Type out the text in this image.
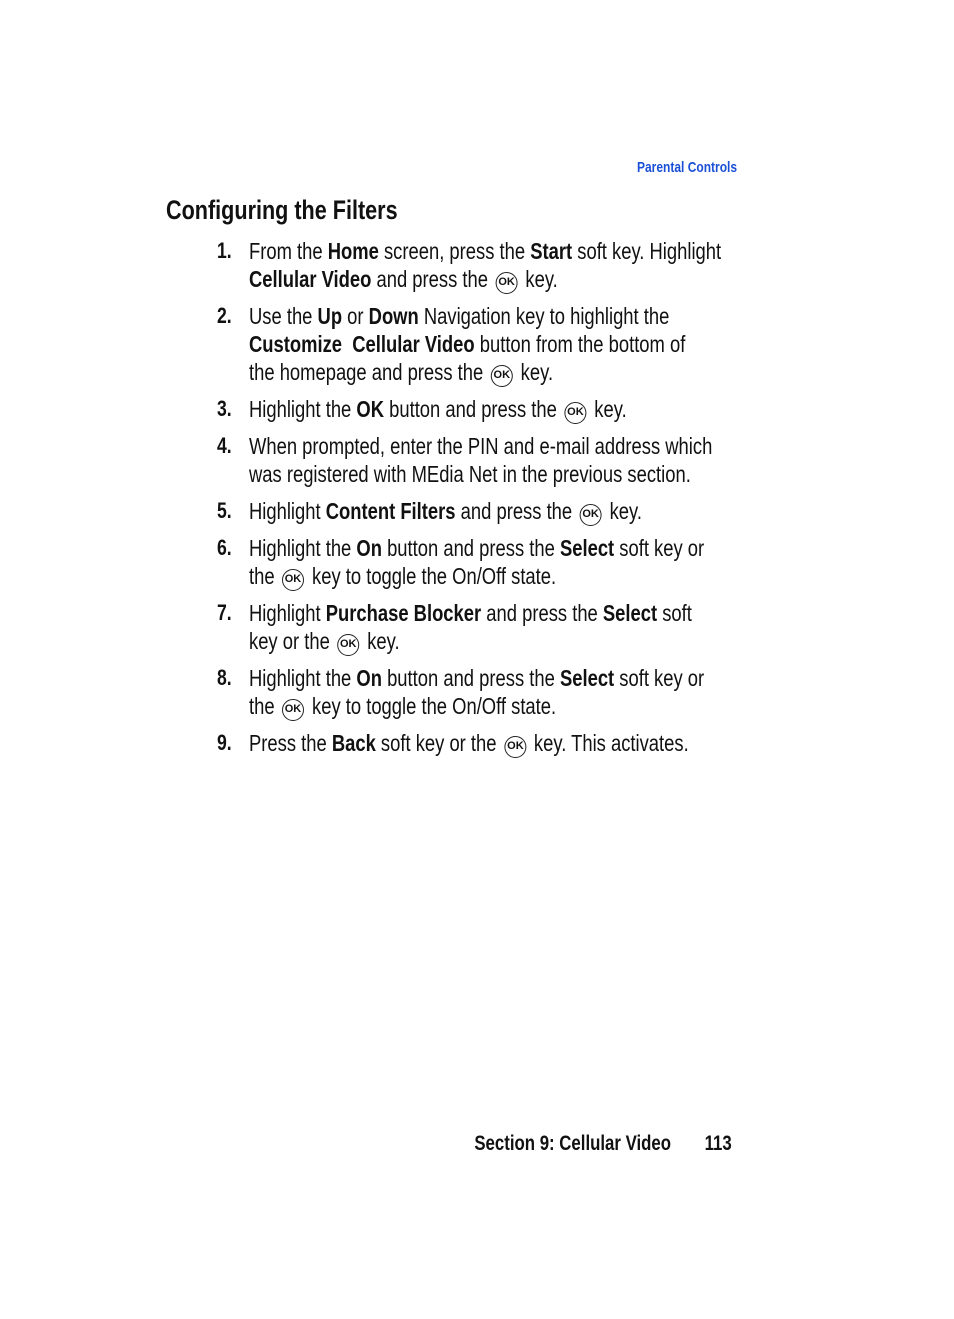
Parental Controls
Configuring the Filters
1. From the Home screen, press the Start soft key. Highlight
Cellular Video and press the OK key.
2. Use the Up or Down Navigation key to highlight the
Customize  Cellular Video button from the bottom of
the homepage and press the OK key.
3. Highlight the OK button and press the OK key.
4. When prompted, enter the PIN and e-mail address which
was registered with MEdia Net in the previous section.
5. Highlight Content Filters and press the OK key.
6. Highlight the On button and press the Select soft key or
the OK key to toggle the On/Off state.
7. Highlight Purchase Blocker and press the Select soft
key or the OK key.
8. Highlight the On button and press the Select soft key or
the OK key to toggle the On/Off state.
9. Press the Back soft key or the OK key. This activates.
Section 9: Cellular Video 113
